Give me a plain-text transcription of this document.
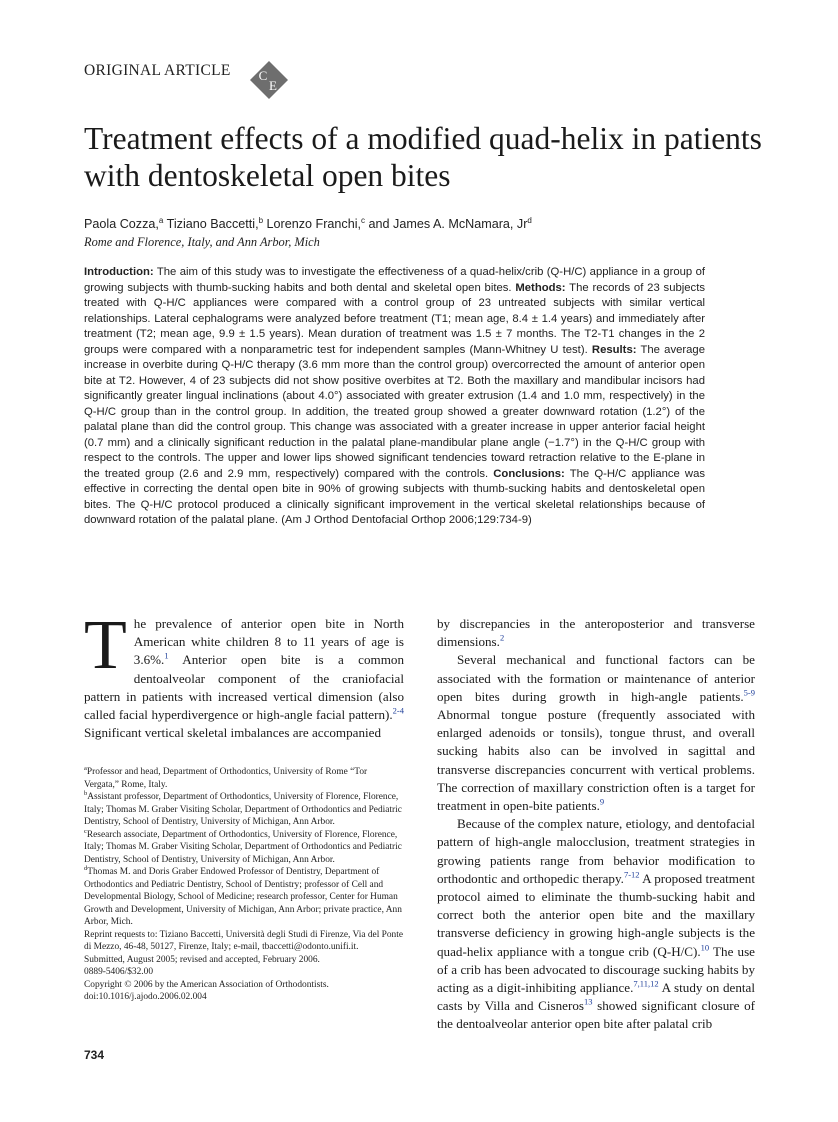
ORIGINAL ARTICLE C
E
Treatment effects of a modified quad-helix in patients with dentoskeletal open bites
Paola Cozza,$^a$ Tiziano Baccetti,$^b$ Lorenzo Franchi,$^c$ and James A. McNamara, Jr$^d$
Rome and Florence, Italy, and Ann Arbor, Mich
Introduction: The aim of this study was to investigate the effectiveness of a quad-helix/crib (Q-H/C) appliance in a group of growing subjects with thumb-sucking habits and both dental and skeletal open bites. Methods: The records of 23 subjects treated with Q-H/C appliances were compared with a control group of 23 untreated subjects with similar vertical relationships. Lateral cephalograms were analyzed before treatment (T1; mean age, 8.4 ± 1.4 years) and immediately after treatment (T2; mean age, 9.9 ± 1.5 years). Mean duration of treatment was 1.5 ± 7 months. The T2-T1 changes in the 2 groups were compared with a nonparametric test for independent samples (Mann-Whitney U test). Results: The average increase in overbite during Q-H/C therapy (3.6 mm more than the control group) overcorrected the amount of anterior open bite at T2. However, 4 of 23 subjects did not show positive overbites at T2. Both the maxillary and mandibular incisors had significantly greater lingual inclinations (about 4.0°) associated with greater extrusion (1.4 and 1.0 mm, respectively) in the Q-H/C group than in the control group. In addition, the treated group showed a greater downward rotation (1.2°) of the palatal plane than did the control group. This change was associated with a greater increase in upper anterior facial height (0.7 mm) and a clinically significant reduction in the palatal plane-mandibular plane angle (−1.7°) in the Q-H/C group with respect to the controls. The upper and lower lips showed significant tendencies toward retraction relative to the E-plane in the treated group (2.6 and 2.9 mm, respectively) compared with the controls. Conclusions: The Q-H/C appliance was effective in correcting the dental open bite in 90% of growing subjects with thumb-sucking habits and dentoskeletal open bites. The Q-H/C protocol produced a clinically significant improvement in the vertical skeletal relationships because of downward rotation of the palatal plane. (Am J Orthod Dentofacial Orthop 2006;129:734-9)

The prevalence of anterior open bite in North American white children 8 to 11 years of age is 3.6%.$^1$ Anterior open bite is a common dentoalveolar component of the craniofacial pattern in patients with increased vertical dimension (also called facial hyperdivergence or high-angle facial pattern).$^{2-4}$ Significant vertical skeletal imbalances are accompanied

$^a$Professor and head, Department of Orthodontics, University of Rome “Tor Vergata,” Rome, Italy.

$^b$Assistant professor, Department of Orthodontics, University of Florence, Florence, Italy; Thomas M. Graber Visiting Scholar, Department of Orthodontics and Pediatric Dentistry, School of Dentistry, University of Michigan, Ann Arbor.

$^c$Research associate, Department of Orthodontics, University of Florence, Florence, Italy; Thomas M. Graber Visiting Scholar, Department of Orthodontics and Pediatric Dentistry, School of Dentistry, University of Michigan, Ann Arbor.

$^d$Thomas M. and Doris Graber Endowed Professor of Dentistry, Department of Orthodontics and Pediatric Dentistry, School of Dentistry; professor of Cell and Developmental Biology, School of Medicine; research professor, Center for Human Growth and Development, University of Michigan, Ann Arbor; private practice, Ann Arbor, Mich.

Reprint requests to: Tiziano Baccetti, Università degli Studi di Firenze, Via del Ponte di Mezzo, 46-48, 50127, Firenze, Italy; e-mail, tbaccetti@odonto.unifi.it.

Submitted, August 2005; revised and accepted, February 2006.

0889-5406/$32.00

Copyright © 2006 by the American Association of Orthodontists.

doi:10.1016/j.ajodo.2006.02.004

734

by discrepancies in the anteroposterior and transverse dimensions.$^2$

Several mechanical and functional factors can be associated with the formation or maintenance of anterior open bites during growth in high-angle patients.$^{5-9}$ Abnormal tongue posture (frequently associated with enlarged adenoids or tonsils), tongue thrust, and overall sucking habits also can be involved in sagittal and transverse discrepancies concurrent with vertical problems. The correction of maxillary constriction often is a target for treatment in open-bite patients.$^9$

Because of the complex nature, etiology, and dentofacial pattern of high-angle malocclusion, treatment strategies in growing patients range from behavior modification to orthodontic and orthopedic therapy.$^{7-12}$ A proposed treatment protocol aimed to eliminate the thumb-sucking habit and correct both the anterior open bite and the maxillary transverse deficiency in growing high-angle subjects is the quad-helix appliance with a tongue crib (Q-H/C).$^{10}$ The use of a crib has been advocated to discourage sucking habits by acting as a digit-inhibiting appliance.$^{7,11,12}$ A study on dental casts by Villa and Cisneros$^{13}$ showed significant closure of the dentoalveolar anterior open bite after palatal crib
